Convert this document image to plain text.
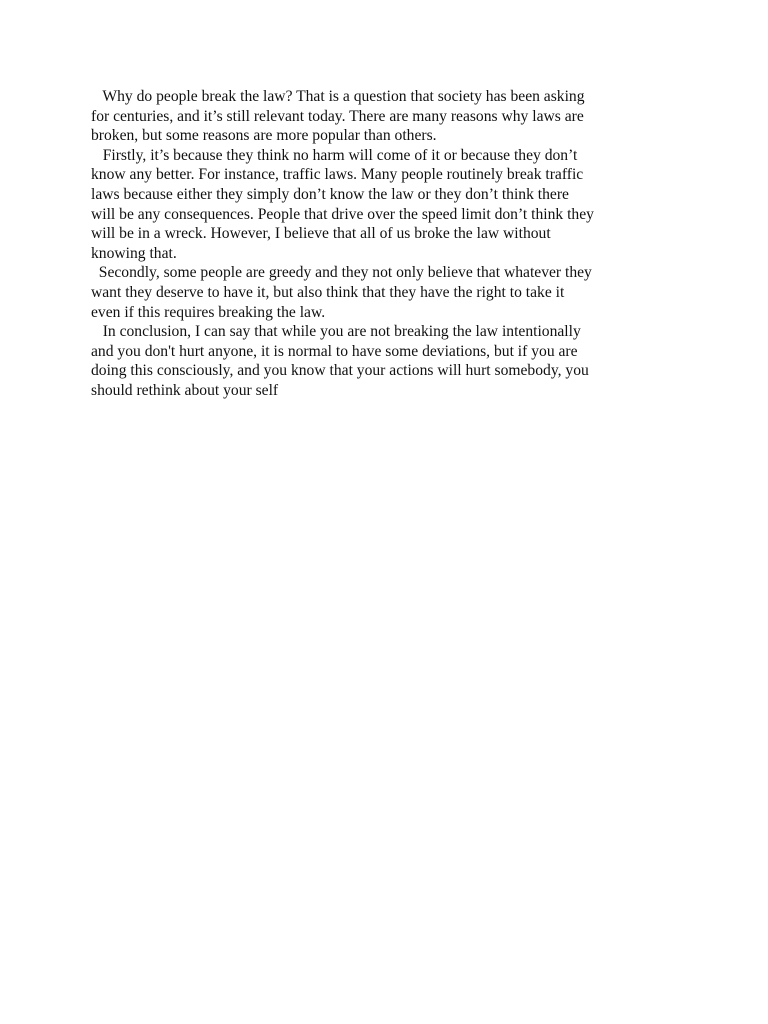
Why do people break the law? That is a question that society has been asking
for centuries, and it’s still relevant today. There are many reasons why laws are
broken, but some reasons are more popular than others.
Firstly, it’s because they think no harm will come of it or because they don’t
know any better. For instance, traffic laws. Many people routinely break traffic
laws because either they simply don’t know the law or they don’t think there
will be any consequences. People that drive over the speed limit don’t think they
will be in a wreck. However, I believe that all of us broke the law without
knowing that.
Secondly, some people are greedy and they not only believe that whatever they
want they deserve to have it, but also think that they have the right to take it
even if this requires breaking the law.
In conclusion, I can say that while you are not breaking the law intentionally
and you don't hurt anyone, it is normal to have some deviations, but if you are
doing this consciously, and you know that your actions will hurt somebody, you
should rethink about your self
